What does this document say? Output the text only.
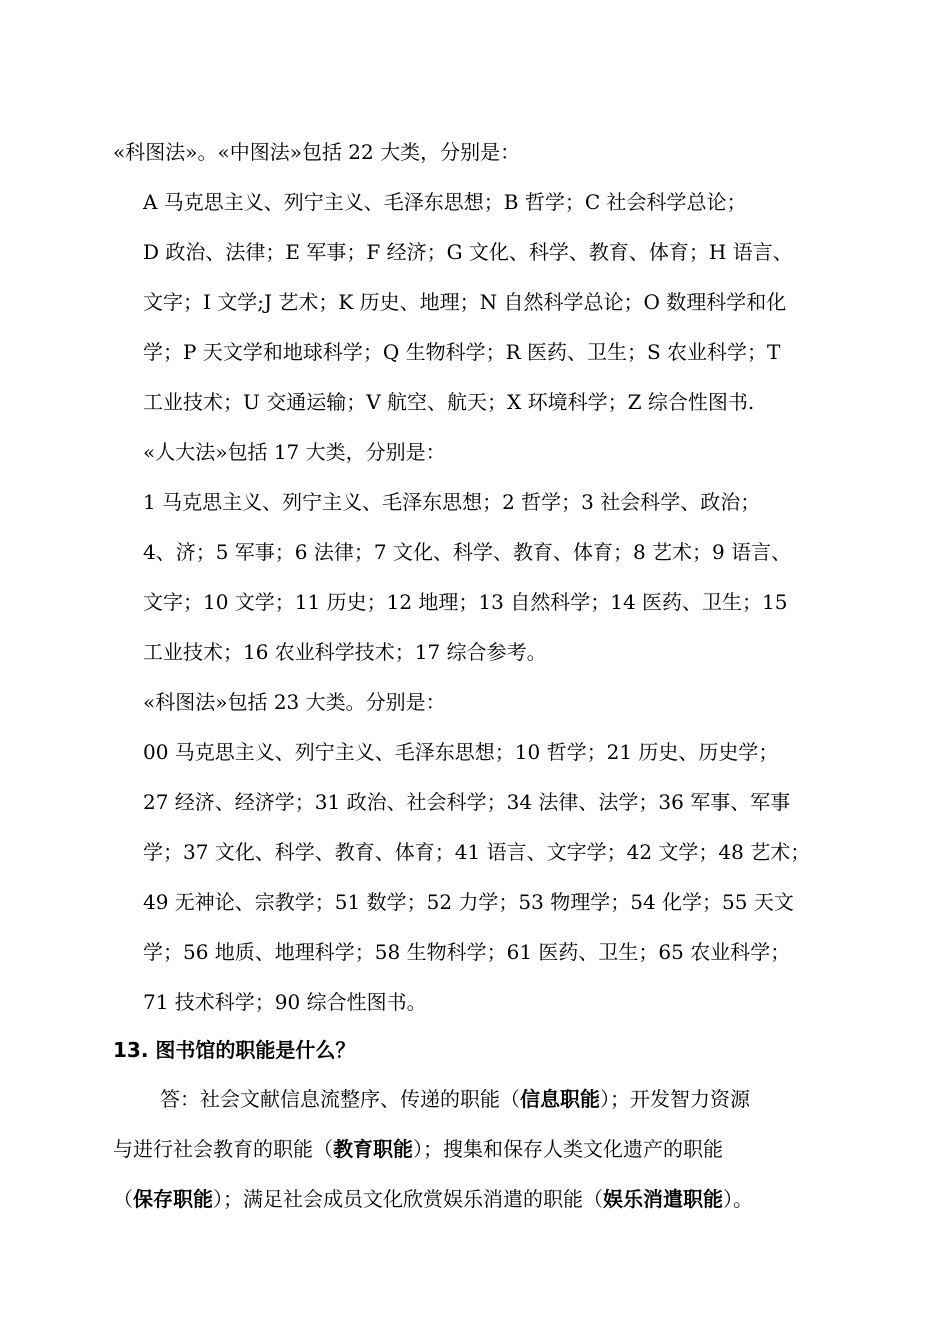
«科图法»。«中图法»包括 22 大类，分别是：
A 马克思主义、列宁主义、毛泽东思想；B 哲学；C 社会科学总论；
D 政治、法律；E 军事；F 经济；G 文化、科学、教育、体育；H 语言、
文字；I 文学;J 艺术；K 历史、地理；N 自然科学总论；O 数理科学和化
学；P 天文学和地球科学；Q 生物科学；R 医药、卫生；S 农业科学；T
工业技术；U 交通运输；V 航空、航天；X 环境科学；Z 综合性图书.
«人大法»包括 17 大类，分别是：
1 马克思主义、列宁主义、毛泽东思想；2 哲学；3 社会科学、政治；
4、济；5 军事；6 法律；7 文化、科学、教育、体育；8 艺术；9 语言、
文字；10 文学；11 历史；12 地理；13 自然科学；14 医药、卫生；15
工业技术；16 农业科学技术；17 综合参考。
«科图法»包括 23 大类。分别是：
00 马克思主义、列宁主义、毛泽东思想；10 哲学；21 历史、历史学；
27 经济、经济学；31 政治、社会科学；34 法律、法学；36 军事、军事
学；37 文化、科学、教育、体育；41 语言、文字学；42 文学；48 艺术；
49 无神论、宗教学；51 数学；52 力学；53 物理学；54 化学；55 天文
学；56 地质、地理科学；58 生物科学；61 医药、卫生；65 农业科学；
71 技术科学；90 综合性图书。
13. 图书馆的职能是什么？
答：社会文献信息流整序、传递的职能（信息职能）；开发智力资源
与进行社会教育的职能（教育职能）；搜集和保存人类文化遗产的职能
（保存职能）；满足社会成员文化欣赏娱乐消遣的职能（娱乐消遣职能）。
